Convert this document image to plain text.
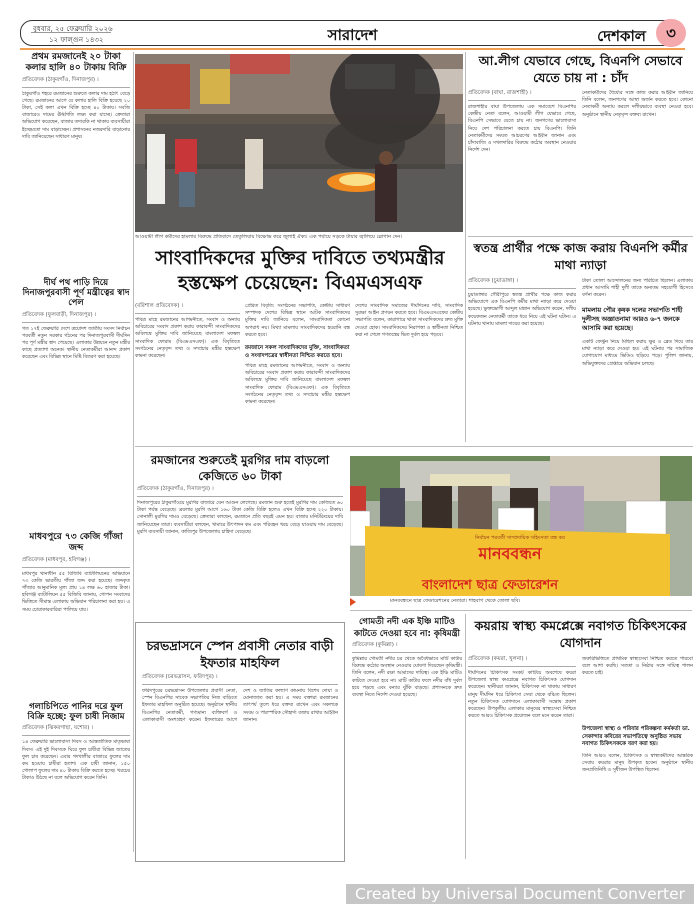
বুধবার, ২৫ ফেব্রুয়ারি ২০২৬
১২ ফাল্গুন ১৪৩২	সারাদেশ	দেশকাল	৩
প্রথম রমজানেই ২০ টাকা কলার হালি ৪০ টাকায় বিক্রি
প্রতিবেদক (ঠাকুরগাঁও, দিনাজপুর) ।
ঠাকুরগাঁও শহরে রমজানের শুরুতে কলার দাম হঠাৎ বেড়ে গেছে। রমজানের আগে যে কলার হালি বিক্রি হয়েছে ২০ টাকা, সেই কলা এখন বিক্রি হচ্ছে ৪০ টাকায়। সবজি বাজারেও দামের ঊর্ধ্বগতি লক্ষ্য করা যাচ্ছে। ক্রেতারা অভিযোগ করেছেন, বাজার তদারকি না থাকায় ব্যবসায়ীরা ইচ্ছেমতো দাম বাড়াচ্ছেন। প্রশাসনের নজরদারি বাড়ানোর দাবি জানিয়েছেন সাধারণ মানুষ।
দীর্ঘ পথ পাড়ি দিয়ে দিনাজপুরবাসী পূর্ণ মন্ত্রীত্বের স্বাদ পেল
প্রতিবেদক (ফুলবাড়ী, দিনাজপুর) ।
গত ১৭ই ফেব্রুয়ারি দেশে ত্রয়োদশ জাতীয় সংসদ নির্বাচন পরবর্তী নতুন সরকার গঠনের পর দিনাজপুরবাসী দীর্ঘদিন পর পূর্ণ মন্ত্রীর স্বাদ পেয়েছে। এলাকার উন্নয়নে নতুন মন্ত্রীর কাছে প্রত্যাশা অনেক। স্থানীয় নেতাকর্মীরা আনন্দ প্রকাশ করেছেন এবং বিভিন্ন স্থানে মিষ্টি বিতরণ করা হয়েছে।
মাধবপুরে ৭৩ কেজি গাঁজা জব্দ
প্রতিবেদক (মাধবপুর, হবিগঞ্জ) ।
মাধবপুর থানাধীন ৫৫ বিজিবি ব্যাটালিয়নের অভিযানে ৭৩ কেজি ভারতীয় গাঁজা জব্দ করা হয়েছে। জব্দকৃত গাঁজার আনুমানিক মূল্য প্রায় ১৪ লক্ষ ৬০ হাজার টাকা। হবিগঞ্জ ব্যাটালিয়ন ৫৫ বিজিবি জানায়, গোপন সংবাদের ভিত্তিতে সীমান্ত এলাকায় অভিযান পরিচালনা করা হয়। এ সময় চোরাকারবারিরা পালিয়ে যায়।
গলাচিপিতে পানির দরে ফুল বিক্রি হচ্ছে: ফুল চাষী নিজাম
প্রতিবেদক (ঝিকরগাছা, যশোর) ।
১৪ ফেব্রুয়ারি ভালোবাসা দিবস ও আন্তর্জাতিক মাতৃভাষা দিবস। এই দুই দিবসকে ঘিরে ফুল চাষীরা বিভিন্ন জাতের ফুল চাষ করেছেন। এবার গদখালীর বাজারে ফুলের দাম কম হওয়ায় চাষীরা হতাশ। এক চাষী জানান, ১৫০ গোলাপ ফুলের দাম ৪০ টাকায় বিক্রি করতে হচ্ছে। খরচের টাকাও উঠছে না বলে অভিযোগ করেন তিনি।
আওয়ামী লীগ কর্মীদের হামলার বিরুদ্ধে প্রতিবাদে তেতুলিয়ায় বিক্ষোভ করে জুলাই ঐক্য। এক পর্যায়ে সড়কে টায়ার জ্বালিয়ে স্লোগান দেন।
সাংবাদিকদের মুক্তির দাবিতে তথ্যমন্ত্রীর হস্তক্ষেপ চেয়েছেন: বিএমএসএফ
(বরিশাল প্রতিবেদক) ।
পবিত্র মাহে রমজানের আগমনীতে, সংবাদ ও অন্যায় অবিচারের সংবাদ প্রকাশ করায় কারাবন্দী সাংবাদিকদের অবিলম্বে মুক্তির দাবি জানিয়েছে বাংলাদেশ মফস্বল সাংবাদিক ফোরাম (বিএমএসএফ)। এক বিবৃতিতে সংগঠনের নেতৃবৃন্দ তথ্য ও সম্প্রচার মন্ত্রীর হস্তক্ষেপ কামনা করেছেন।
প্রেরিত বিবৃতি: সংগঠনের সভাপতি, কেন্দ্রীয় সাধারণ সম্পাদক দেশের বিভিন্ন স্থানে আটক সাংবাদিকদের মুক্তির দাবি জানিয়ে বলেন, সাংবাদিকতা কোনো অপরাধ নয়। মিথ্যা মামলায় সাংবাদিকদের হয়রানি বন্ধ করতে হবে।
রমজানে সকল সাংবাদিকদের মুক্তি, সাংবাদিকতা ও সংবাদপত্রের স্বাধীনতা নিশ্চিত করতে হবে।
পবিত্র মাহে রমজানের আগমনীতে, সংবাদ ও অন্যায় অবিচারের সংবাদ প্রকাশ করায় কারাবন্দী সাংবাদিকদের অবিলম্বে মুক্তির দাবি জানিয়েছে বাংলাদেশ মফস্বল সাংবাদিক ফোরাম (বিএমএসএফ)। এক বিবৃতিতে সংগঠনের নেতৃবৃন্দ তথ্য ও সম্প্রচার মন্ত্রীর হস্তক্ষেপ কামনা করেছেন।
দেশের সাংবাদিক সমাজের দীর্ঘদিনের দাবি, সাংবাদিক সুরক্ষা আইন প্রণয়ন করতে হবে। বিএমএসএফের কেন্দ্রীয় সভাপতি বলেন, কারাগারে থাকা সাংবাদিকদের দ্রুত মুক্তি দেওয়া হোক। সাংবাদিকদের নিরাপত্তা ও স্বাধীনতা নিশ্চিত করা না গেলে গণতন্ত্রের ভিত দুর্বল হয়ে পড়বে।
আ.লীগ যেভাবে গেছে, বিএনপি সেভাবে যেতে চায় না : চাঁদ
প্রতিবেদক (বাঘা, রাজশাহী) ।
রাজশাহীর বাঘা উপজেলায় এক সমাবেশে বিএনপির কেন্দ্রীয় নেতা বলেন, আওয়ামী লীগ যেভাবে গেছে, বিএনপি সেভাবে যেতে চায় না। জনগণের ভালোবাসা নিয়ে দেশ পরিচালনা করতে চায় বিএনপি। তিনি নেতাকর্মীদের সংযত আচরণের আহ্বান জানান এবং চাঁদাবাজি ও দখলদারির বিরুদ্ধে কঠোর অবস্থান নেওয়ার নির্দেশ দেন।
নেতাকর্মীদের ধৈর্য্যের সঙ্গে কাজ করার আহ্বান জানিয়ে তিনি বলেন, জনগণের আস্থা অর্জন করতে হবে। কোনো নেতাকর্মী অন্যায় করলে দলীয়ভাবে ব্যবস্থা নেওয়া হবে। অনুষ্ঠানে স্থানীয় নেতৃবৃন্দ বক্তব্য রাখেন।
স্বতন্ত্র প্রার্থীর পক্ষে কাজ করায় বিএনপি কর্মীর মাথা ন্যাড়া
প্রতিবেদক (চুয়াডাঙ্গা) ।
চুয়াডাঙ্গার গৌরীপুরে স্বতন্ত্র প্রার্থীর পক্ষে কাজ করার অভিযোগে এক বিএনপি কর্মীর মাথা ন্যাড়া করে দেওয়া হয়েছে। ভুক্তভোগী আব্দুল মান্নান অভিযোগ করেন, দলীয় কয়েকজন নেতাকর্মী তাকে ধরে নিয়ে এই ঘটনা ঘটান। এ ঘটনায় থানায় মামলা দায়ের করা হয়েছে।
টাকা তোলা আন্দোলনের জন্য পরিচিত ছিলেন। এলাকায় প্রধান আসামি শাহী দুলী তাকে অন্যতম সহযোগী হিসেবে বর্ণনা করেন।
মামলায় পৌর কৃষক দলের সভাপতি শাহী দুলীসহ অজ্ঞাতনামা আরও ৬-৭ জনকে আসামি করা হয়েছে।
একটি ফেস্টুন নিয়ে মিছিল করায় ক্ষুর ও ব্লেড দিয়ে তার মাথা ন্যাড়া করে দেওয়া হয়। এই ঘটনার পর সামাজিক যোগাযোগ মাধ্যমে ভিডিও ছড়িয়ে পড়ে। পুলিশ জানায়, অভিযুক্তদের গ্রেপ্তারে অভিযান চলছে।
রমজানের শুরুতেই মুরগির দাম বাড়লো কেজিতে ৬০ টাকা
প্রতিবেদক (ঠাকুরগাঁও, দিনাজপুর) ।
দিনাজপুরের ঠাকুরগাঁওয়ে মুরগির বাজারে যেন আগুন লেগেছে। রমজান শুরু হতেই মুরগির দাম কেজিতে ৬০ টাকা পর্যন্ত বেড়েছে। ব্রয়লার মুরগি আগে ১৬০ টাকা কেজি বিক্রি হলেও এখন বিক্রি হচ্ছে ২২০ টাকায়। সোনালী মুরগির দামও বেড়েছে। ক্রেতারা বলছেন, রমজানে প্রতি বছরই এমন হয়। বাজার মনিটরিংয়ের দাবি জানিয়েছেন তারা। ব্যবসায়ীরা বলছেন, খামারে উৎপাদন কম এবং পরিবহন খরচ বেড়ে যাওয়ায় দাম বেড়েছে। মুরগি ব্যবসায়ী জানান, কাজিপুর উপজেলায় চাহিদা বেড়েছে।
মানববন্ধন
বাংলাদেশ ছাত্র ফেডারেশন
নির্বাচন পরবর্তী সাম্প্রদায়িক সহিংসতা বন্ধ কর
মানববন্ধনে ছাত্র ফেডারেশনের নেতারা। শাহবাগ থেকে তোলা ছবি।
চরভদ্রাসনে স্পেন প্রবাসী নেতার বাড়ী ইফতার মাহফিল
প্রতিবেদক (চরভদ্রাসন, ফরিদপুর) ।
ফরিদপুরের চরভদ্রাসন উপজেলার প্রবাসী নেতা, স্পেন বিএনপির সাবেক সভাপতির নিজ বাড়িতে ইফতার মাহফিল অনুষ্ঠিত হয়েছে। অনুষ্ঠানে স্থানীয় বিএনপির নেতাকর্মী, গণ্যমান্য ব্যক্তিবর্গ ও এলাকাবাসী অংশগ্রহণ করেন। ইফতারের আগে দেশ ও জাতির কল্যাণ কামনায় বিশেষ দোয়া ও মোনাজাত করা হয়। এ সময় বক্তারা রমজানের তাৎপর্য তুলে ধরে বক্তব্য রাখেন এবং সকলকে সংযম ও পারস্পরিক সৌহার্দ্য বজায় রাখার আহ্বান জানান।
গোমতী নদী এক ইঞ্চি মাটিও কাটতে দেওয়া হবে না: কৃষিমন্ত্রী
প্রতিবেদক (কুমিল্লা) ।
কুমিল্লার গোমতী নদীর চর থেকে অবৈধভাবে মাটি কাটার বিরুদ্ধে কঠোর অবস্থান নেওয়ার ঘোষণা দিয়েছেন কৃষিমন্ত্রী। তিনি বলেন, নদী রক্ষা আমাদের দায়িত্ব। এক ইঞ্চি মাটিও কাটতে দেওয়া হবে না। মাটি কাটার ফলে নদীর বাঁধ দুর্বল হয়ে পড়ছে এবং বন্যার ঝুঁকি বাড়ছে। প্রশাসনকে দ্রুত ব্যবস্থা নিতে নির্দেশ দেওয়া হয়েছে।
কয়রায় স্বাস্থ্য কমপ্লেক্সে নবাগত চিকিৎসকের যোগদান
প্রতিবেদক (কয়রা, খুলনা) ।
দীর্ঘদিনের চিকিৎসক সংকট কাটিয়ে অবশেষে কয়রা উপজেলা স্বাস্থ্য কমপ্লেক্সে নবাগত চিকিৎসক যোগদান করেছেন। স্থানীয়রা জানান, চিকিৎসক না থাকায় সাধারণ মানুষ দীর্ঘদিন ধরে চিকিৎসা সেবা থেকে বঞ্চিত ছিলেন। নতুন চিকিৎসক যোগদানে এলাকাবাসী সন্তোষ প্রকাশ করেছেন। উপকূলীয় এলাকার মানুষের স্বাস্থ্যসেবা নিশ্চিত করতে আরও চিকিৎসক প্রয়োজন বলে মনে করেন তারা।
জরুরিভিত্তিতে প্রাথমিক স্বাস্থ্যসেবা নিশ্চিত করতে পারবো বলে আশা করছি। সততা ও নিষ্ঠার সঙ্গে দায়িত্ব পালন করতে চাই।
উপজেলা স্বাস্থ্য ও পরিবার পরিকল্পনা কর্মকর্তা ডা. সেকান্দার কবিরের সভাপতিত্বে অনুষ্ঠিত সভায় নবাগত চিকিৎসককে বরণ করা হয়।
তিনি আরও বলেন, চিকিৎসক ও স্বাস্থ্যকর্মীদের আন্তরিক সেবায় কয়রার মানুষ উপকৃত হবেন। অনুষ্ঠানে স্থানীয় জনপ্রতিনিধি ও সুধীজন উপস্থিত ছিলেন।
Created by Universal Document Converter
